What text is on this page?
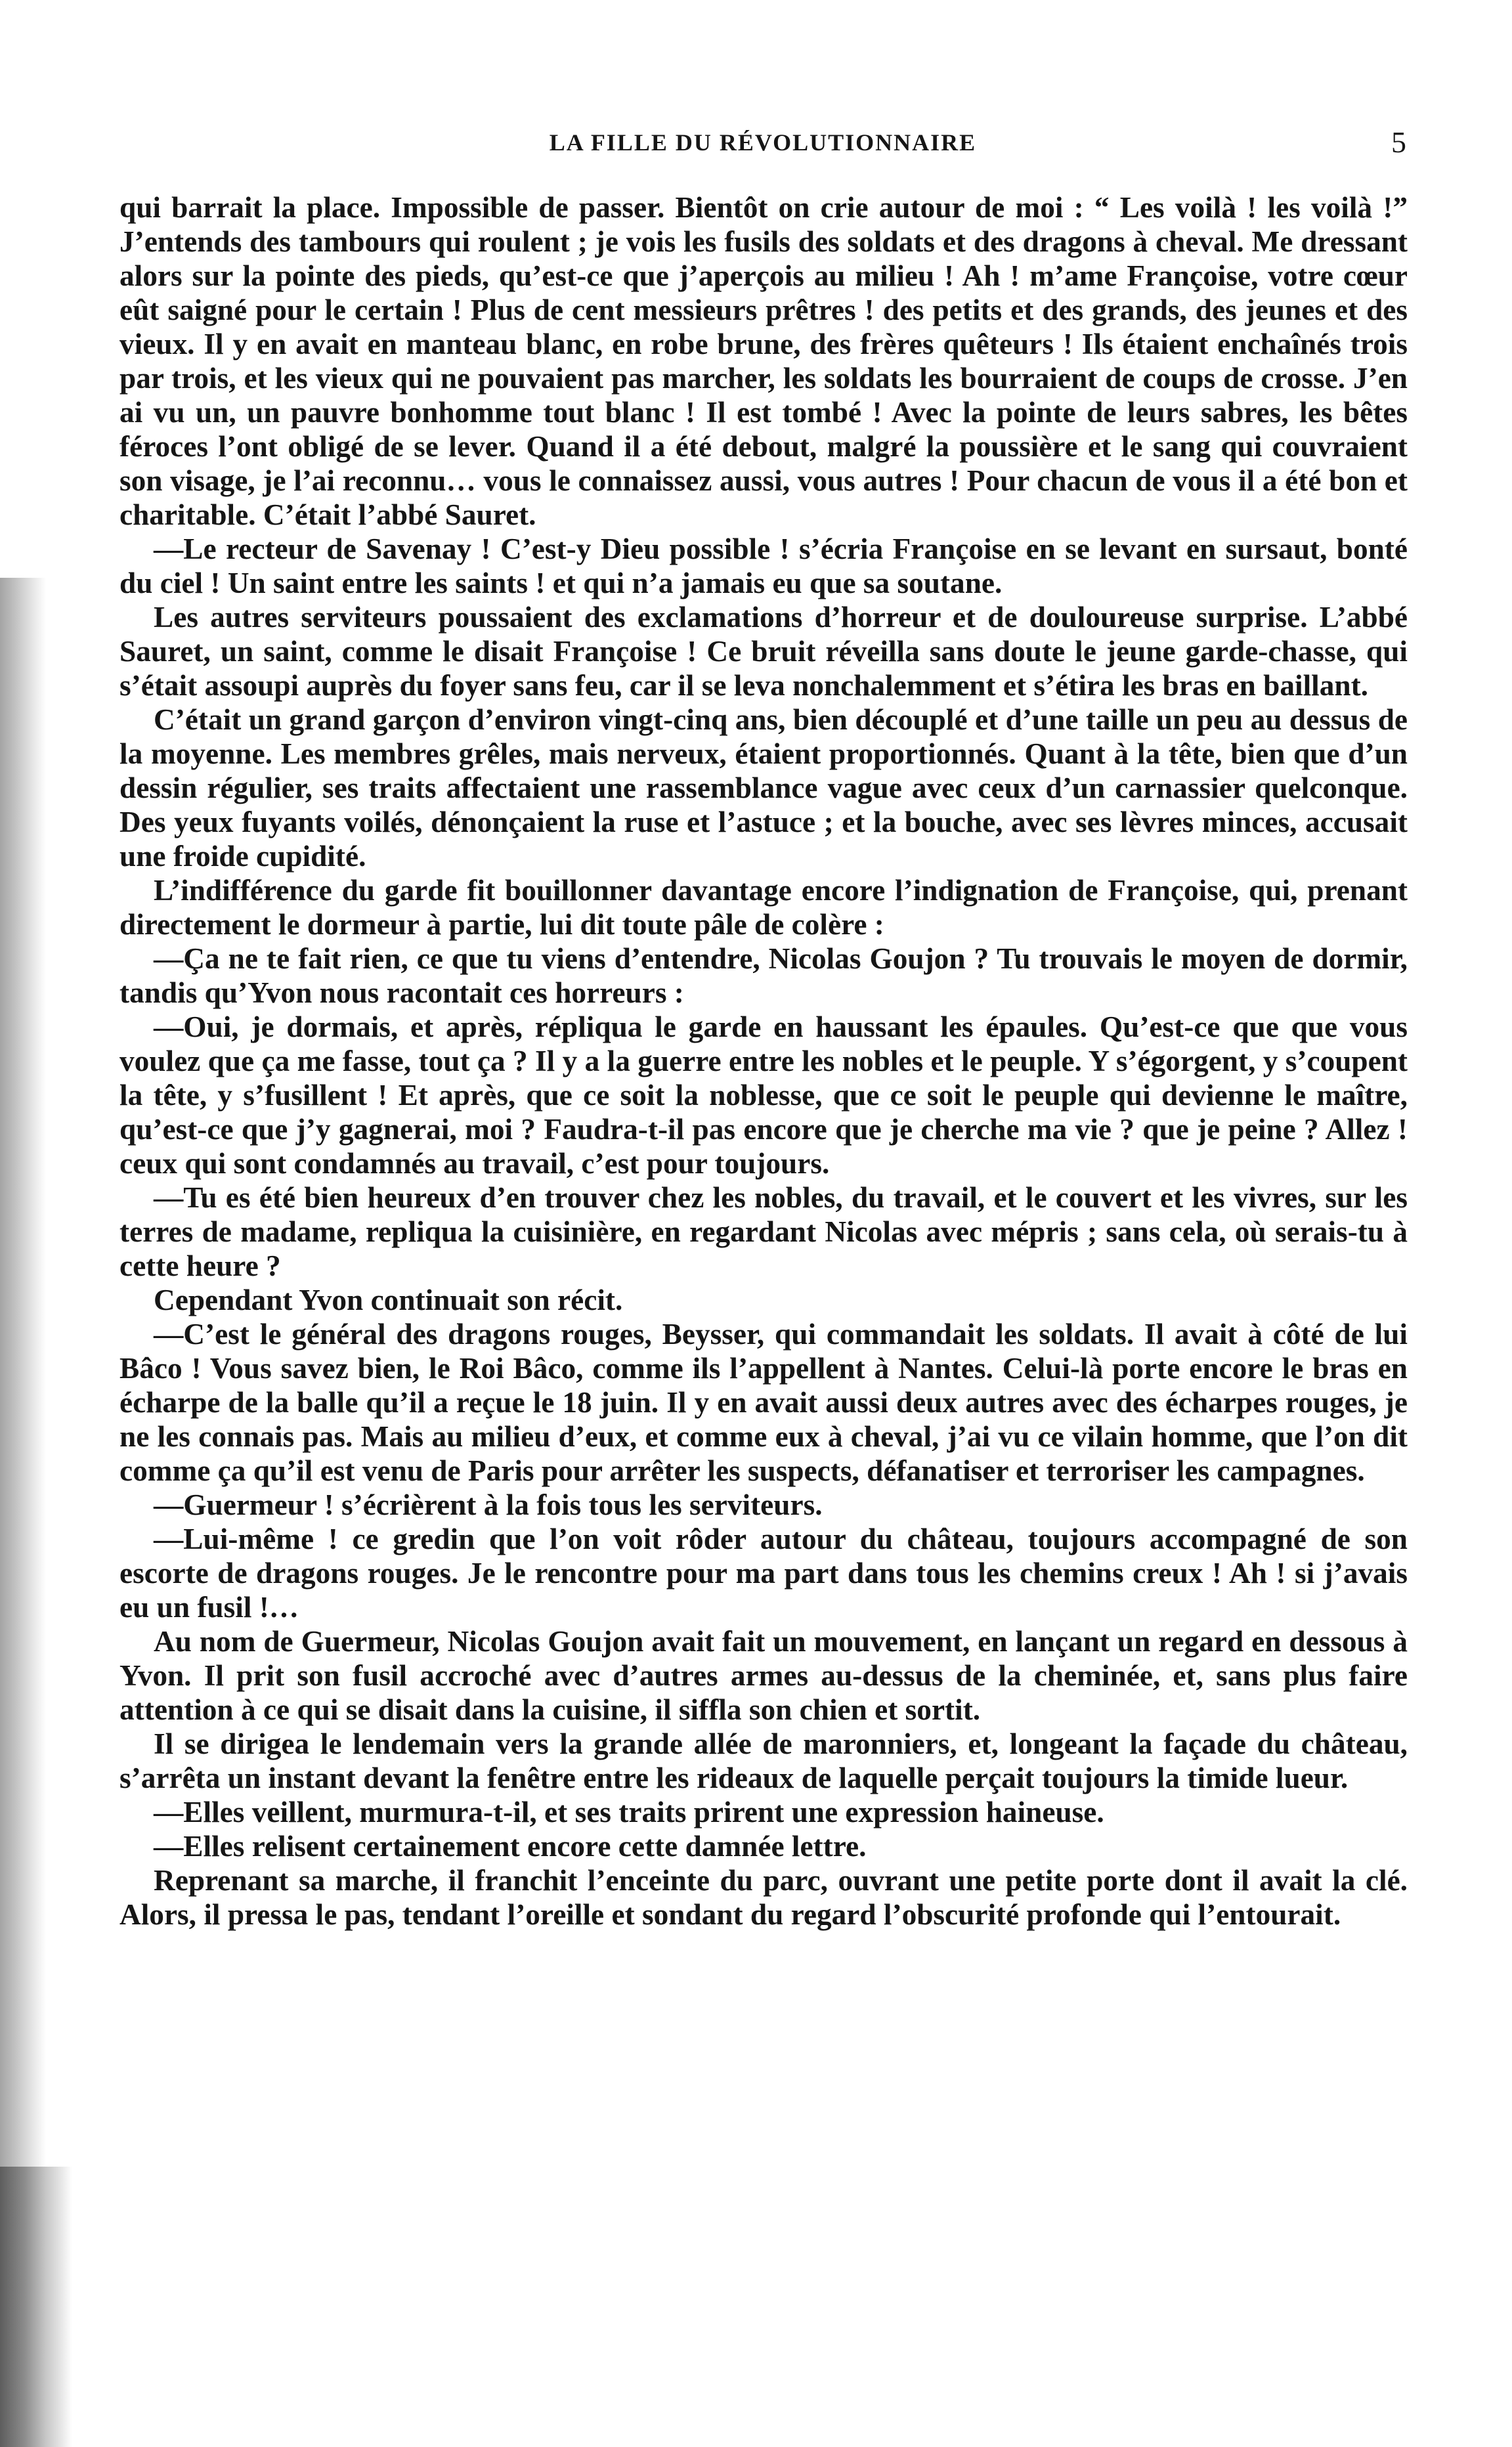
LA FILLE DU RÉVOLUTIONNAIRE	5

qui barrait la place. Impossible de passer. Bientôt on crie autour de moi : “ Les voilà ! les voilà !” J’entends des tambours qui roulent ; je vois les fusils des soldats et des dragons à cheval. Me dressant alors sur la pointe des pieds, qu’est-ce que j’aperçois au milieu ! Ah ! m’ame Françoise, votre cœur eût saigné pour le certain ! Plus de cent messieurs prêtres ! des petits et des grands, des jeunes et des vieux. Il y en avait en manteau blanc, en robe brune, des frères quêteurs ! Ils étaient enchaînés trois par trois, et les vieux qui ne pouvaient pas marcher, les soldats les bourraient de coups de crosse. J’en ai vu un, un pauvre bonhomme tout blanc ! Il est tombé ! Avec la pointe de leurs sabres, les bêtes féroces l’ont obligé de se lever. Quand il a été debout, malgré la poussière et le sang qui couvraient son visage, je l’ai reconnu… vous le connaissez aussi, vous autres ! Pour chacun de vous il a été bon et charitable. C’était l’abbé Sauret.

—Le recteur de Savenay ! C’est-y Dieu possible ! s’écria Françoise en se levant en sursaut, bonté du ciel ! Un saint entre les saints ! et qui n’a jamais eu que sa soutane.

Les autres serviteurs poussaient des exclamations d’horreur et de douloureuse surprise. L’abbé Sauret, un saint, comme le disait Françoise ! Ce bruit réveilla sans doute le jeune garde-chasse, qui s’était assoupi auprès du foyer sans feu, car il se leva nonchalemment et s’étira les bras en baillant.

C’était un grand garçon d’environ vingt-cinq ans, bien découplé et d’une taille un peu au dessus de la moyenne. Les membres grêles, mais nerveux, étaient proportionnés. Quant à la tête, bien que d’un dessin régulier, ses traits affectaient une rassemblance vague avec ceux d’un carnassier quelconque. Des yeux fuyants voilés, dénonçaient la ruse et l’astuce ; et la bouche, avec ses lèvres minces, accusait une froide cupidité.

L’indifférence du garde fit bouillonner davantage encore l’indignation de Françoise, qui, prenant directement le dormeur à partie, lui dit toute pâle de colère :

—Ça ne te fait rien, ce que tu viens d’entendre, Nicolas Goujon ? Tu trouvais le moyen de dormir, tandis qu’Yvon nous racontait ces horreurs :

—Oui, je dormais, et après, répliqua le garde en haussant les épaules. Qu’est-ce que que vous voulez que ça me fasse, tout ça ? Il y a la guerre entre les nobles et le peuple. Y s’égorgent, y s’coupent la tête, y s’fusillent ! Et après, que ce soit la noblesse, que ce soit le peuple qui devienne le maître, qu’est-ce que j’y gagnerai, moi ? Faudra-t-il pas encore que je cherche ma vie ? que je peine ? Allez ! ceux qui sont condamnés au travail, c’est pour toujours.

—Tu es été bien heureux d’en trouver chez les nobles, du travail, et le couvert et les vivres, sur les terres de madame, repliqua la cuisinière, en regardant Nicolas avec mépris ; sans cela, où serais-tu à cette heure ?

Cependant Yvon continuait son récit.

—C’est le général des dragons rouges, Beysser, qui commandait les soldats. Il avait à côté de lui Bâco ! Vous savez bien, le Roi Bâco, comme ils l’appellent à Nantes. Celui-là porte encore le bras en écharpe de la balle qu’il a reçue le 18 juin. Il y en avait aussi deux autres avec des écharpes rouges, je ne les connais pas. Mais au milieu d’eux, et comme eux à cheval, j’ai vu ce vilain homme, que l’on dit comme ça qu’il est venu de Paris pour arrêter les suspects, défanatiser et terroriser les campagnes.

—Guermeur ! s’écrièrent à la fois tous les serviteurs.

—Lui-même ! ce gredin que l’on voit rôder autour du château, toujours accompagné de son escorte de dragons rouges. Je le rencontre pour ma part dans tous les chemins creux ! Ah ! si j’avais eu un fusil !…

Au nom de Guermeur, Nicolas Goujon avait fait un mouvement, en lançant un regard en dessous à Yvon. Il prit son fusil accroché avec d’autres armes au-dessus de la cheminée, et, sans plus faire attention à ce qui se disait dans la cuisine, il siffla son chien et sortit.

Il se dirigea le lendemain vers la grande allée de maronniers, et, longeant la façade du château, s’arrêta un instant devant la fenêtre entre les rideaux de laquelle perçait toujours la timide lueur.

—Elles veillent, murmura-t-il, et ses traits prirent une expression haineuse.

—Elles relisent certainement encore cette damnée lettre.

Reprenant sa marche, il franchit l’enceinte du parc, ouvrant une petite porte dont il avait la clé. Alors, il pressa le pas, tendant l’oreille et sondant du regard l’obscurité profonde qui l’entourait.
